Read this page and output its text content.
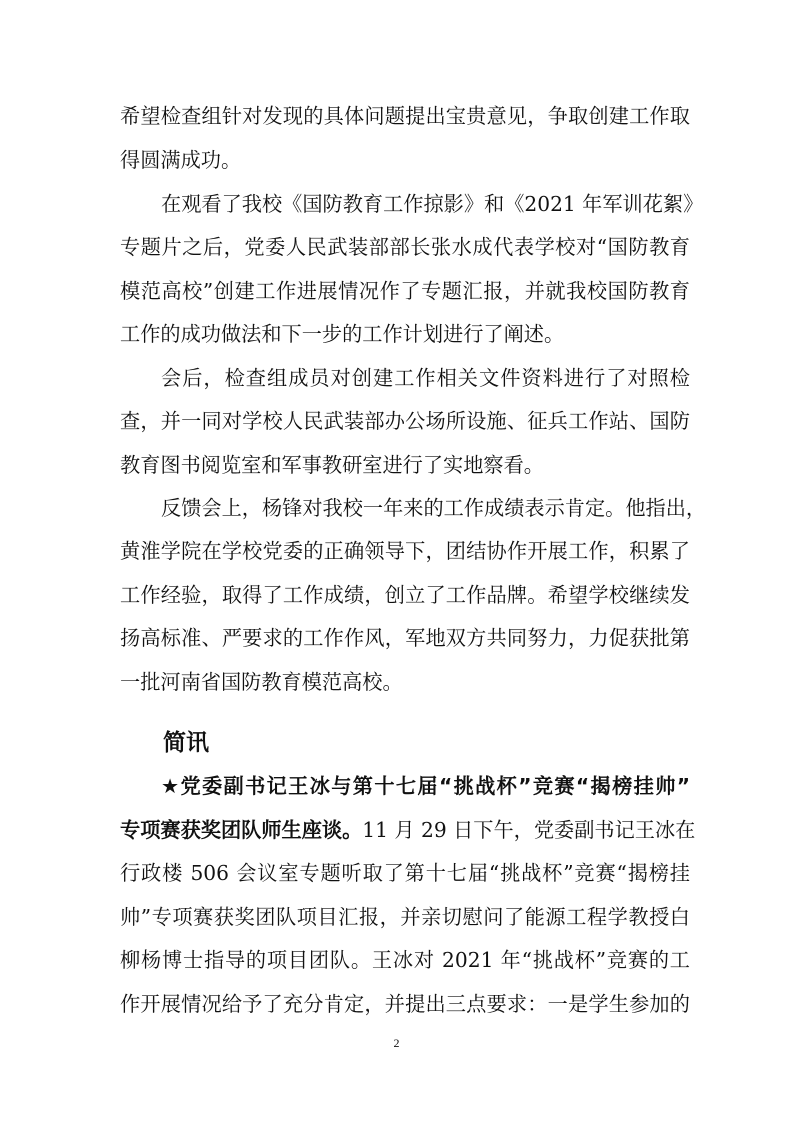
希望检查组针对发现的具体问题提出宝贵意见，争取创建工作取
得圆满成功。
在观看了我校《国防教育工作掠影》和《2021 年军训花絮》
专题片之后，党委人民武装部部长张水成代表学校对“国防教育
模范高校”创建工作进展情况作了专题汇报，并就我校国防教育
工作的成功做法和下一步的工作计划进行了阐述。
会后，检查组成员对创建工作相关文件资料进行了对照检
查，并一同对学校人民武装部办公场所设施、征兵工作站、国防
教育图书阅览室和军事教研室进行了实地察看。
反馈会上，杨锋对我校一年来的工作成绩表示肯定。他指出，
黄淮学院在学校党委的正确领导下，团结协作开展工作，积累了
工作经验，取得了工作成绩，创立了工作品牌。希望学校继续发
扬高标准、严要求的工作作风，军地双方共同努力，力促获批第
一批河南省国防教育模范高校。
简讯
★党委副书记王冰与第十七届“挑战杯”竞赛“揭榜挂帅”
专项赛获奖团队师生座谈。11 月 29 日下午，党委副书记王冰在
行政楼 506 会议室专题听取了第十七届“挑战杯”竞赛“揭榜挂
帅”专项赛获奖团队项目汇报，并亲切慰问了能源工程学教授白
柳杨博士指导的项目团队。王冰对 2021 年“挑战杯”竞赛的工
作开展情况给予了充分肯定，并提出三点要求：一是学生参加的
2
